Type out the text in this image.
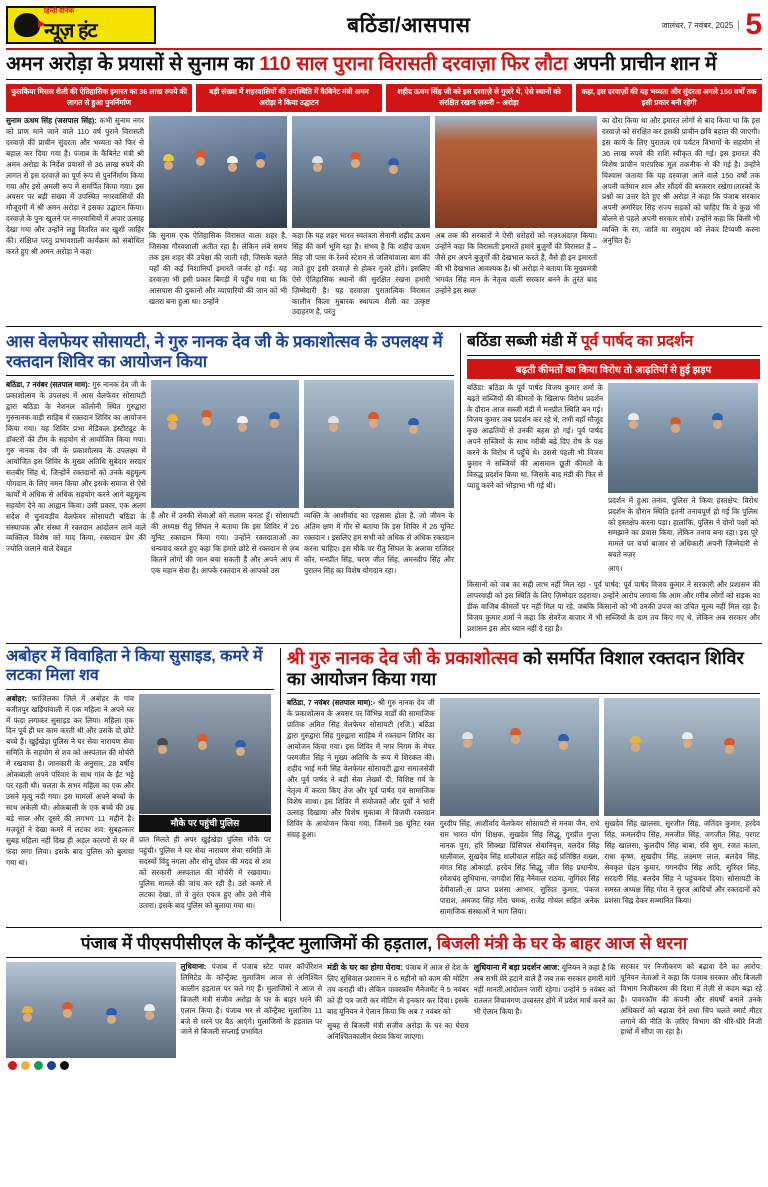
हिन्दी दैनिक
न्यूज़ हंट	बठिंडा/आसपास	जालंधर, 7 नवंबर, 2025 5
अमन अरोड़ा के प्रयासों से सुनाम का 110 साल पुराना विरासती दरवाज़ा फिर लौटा अपनी प्राचीन शान में
फूलकिया मिसल शैली की ऐतिहासिक इमारत का 36 लाख रुपये की लागत से हुआ पुनर्निर्माण
बड़ी संख्या में शहरवासियों की उपस्थिति में कैबिनेट मंत्री अमन अरोड़ा ने किया उद्घाटन
शहीद ऊधम सिंह जी को इस दरवाज़े से गुजरे थे, ऐसे स्थानों को संरक्षित रखना ज़रूरी – अरोड़ा
कहा, इस दरवाज़ों की यह भव्यता और सुंदरता अगले 150 वर्षों तक इसी प्रकार बनी रहेगी

सुनाम ऊधम सिंह (जसपाल सिंह): कभी सुनाम नगर को प्राण माने जाने वाले 110 वर्ष पुराने विरासती दरवाज़े की प्राचीन सुंदरता और भव्यता को फिर से बहाल कर दिया गया है। पंजाब के कैबिनेट मंत्री श्री अमन अरोड़ा के निर्देश प्रयासों से 36 लाख रुपये की लागत से इस दरवाज़े का पूर्ण रूप से पुनर्निर्माण किया गया और इसे अमली रूप में समर्पित किया गया। इस अवसर पर बड़ी संख्या में उपस्थित नगरवासियों की मौजूदगी में श्री अमन अरोड़ा ने इसका उद्घाटन किया। दरवाज़े के पुनः खुलने पर नगरवासियों में अपार उत्साह देखा गया और उन्होंने लड्डू वितरित कर खुशी जाहिर की। संक्षिप्त परंतु प्रभावशाली कार्यक्रम को संबोधित करते हुए श्री अमन अरोड़ा ने कहा

कि सुनाम एक ऐतिहासिक विरासत वाला शहर है, जिसका गौरवशाली अतीत रहा है। लेकिन लंबे समय तक इस शहर की उपेक्षा की जाती रही, जिसके चलते यहाँ की कई निशानियाँ इमारतें जर्जर हो गईं। यह दरवाज़ा भी इसी प्रकार बिगड़ी में पहुँच गया था कि आसपास की दुकानों और व्यापारियों की जान को भी खतरा बना हुआ था। उन्होंने

कहा कि यह शहर भारत स्वतंत्रता सेनानी शहीद ऊधम सिंह की कर्म भूमि रहा है। संभव है कि शहीद ऊधम सिंह जी पास के रेलवे स्टेशन से जलियांवाला बाग़ की जाते हुए इसी दरवाज़े से होकर गुजरे होंगे। इसलिए ऐसे ऐतिहासिक स्थानों की सुरक्षित रखना हमारी ज़िम्मेदारी है। यह दरवाज़ा पुरातात्विक विरासत कालीन किला मुबारक स्थापत्य शैली का उत्कृष्ट उदाहरण है, परंतु

अब तक की सरकारों ने ऐसी धरोहरों को नज़रअंदाज़ किया। उन्होंने कहा कि विरासती इमारतें हमारे बुज़ुर्गों की विरासत हैं – जैसे हम अपने बुज़ुर्गों की देखभाल करते हैं, वैसे ही इन इमारतों की भी देखभाल आवश्यक है। श्री अरोड़ा ने बताया कि मुख्यमंत्री भगवंत सिंह मान के नेतृत्व वाली सरकार बनने के तुरंत बाद उन्होंने इस स्थल

का दौरा किया था और इमारत लोगों से बाद किया था कि इस दरवाज़े को संरक्षित कर इसकी प्राचीन छवि बहाल की जाएगी। इस कार्य के लिए पुरातत्व एवं पर्यटन विभागों के सहयोग से 36 लाख रुपये की राशि स्वीकृत की गई। इस इमारत की विशेष प्राचीन पारंपरिक मूल तकनीक से की गई है। उन्होंने विश्वास जताया कि यह दरवाज़ा आने वाले 150 वर्षों तक अपनी वर्तमान शान और सौंदर्य की बरकरार रखेगा।तारकों के प्रश्नों का उत्तर देते हुए श्री अरोड़ा ने कहा कि पंजाब सरकार अपनी अमरिंदर सिंह राज्य सड़कों को चाहिए कि वे कुछ भी बोलने से पहले अपनी सरकार सोचें। उन्होंने कहा कि किसी भी व्यक्ति के रंग, जाति या समुदाय को लेकर टिप्पणी करना अनुचित है।

आस वेलफेयर सोसायटी, ने गुरु नानक देव जी के प्रकाशोत्सव के उपलक्ष्य में रक्तदान शिविर का आयोजन किया

बठिंडा, 7 नवंबर (सतपाल माम): गुरु नानक देव जी के प्रकाशोत्सव के उपलक्ष्य में आस वेलफेयर सोसायटी द्वारा बठिंडा के नेशनल कॉलोनी स्थित गुरुद्वारा गुरुनानक वाड़ी साहिब में रक्तदान शिविर का आयोजन किया गया। यह शिविर प्रभा मेडिकल इंस्टीट्यूट के डॉक्टरों की टीम के सहयोग से आयोजित किया गया। गुरु नानक देव जी के प्रकाशोत्सव के उपलक्ष्य में आयोजित इस शिविर के मुख्य अतिथि सुबेदार सरदार सतबीर सिंह थे, जिन्होंने रक्तदानों को उनके बहुमूल्य योगदान के लिए नमन किया और इसके समाज से ऐसे कार्यों में अधिक से अधिक सहयोग करने आगे बहुमूल्य सहयोग देने का आह्वान किया। उसी प्रकार, एक अलग सदेश में चुनावड़ीय वेलफेयर सोसायटी बठिंडा के संस्थापक और संस्था में रक्तदान आंदोलन लाने वाले व्यक्तित्व विशेष को याद किया, रक्तदान प्रेम की ज्योति जलाने वाले देवहृत

हैं और में उनकी सेवाओं को सलाम करता हूँ। सोसायटी की अध्यक्ष रीतु सिंघल ने बताया कि इस शिविर में 26 यूनिट रक्तदान किया गया। उन्होंने रक्तदाताओं का धन्यवाद करते हुए कहा कि हमारे छोटे से रक्तदान से ज़ब कितने लोगों की जान बचा सकती हैं और अपने आप में एक महान सेवा है। आपके रक्तदान से आपको उस

व्यक्ति के आशीर्वाद का एहसास होता है, जो जीवन के अंतिम क्षण में गौर से बताया कि इस शिविर में 26 यूनिट रक्तदान । इसलिए हम सभी को अधिक से अधिक रक्तदान करना चाहिए। इस मौके पर रीतु सिंघल के अलावा राजिंदर कौर, मनप्रीत सिंह, चरण जीत सिंह, अमनदीप सिंह और पुरातन सिंह का विशेष योगदान रहा।

बठिंडा सब्जी मंडी में पूर्व पार्षद का प्रदर्शन
बढ़ती कीमतों का किया विरोध तो आढ़तियों से हुई झड़प

बठिंडा: बठिंडा के पूर्व पार्षद विजय कुमार शर्मा के बढ़ते सब्जियों की कीमतों के खिलाफ विरोध प्रदर्शन के दौरान आज सब्जी मंडी में मनप्रीत स्थिति बन गई। विजय कुमार जब प्रदर्शन कर रहे थे, तभी वहाँ मौजूद कुछ आढ़तियों से उनकी बहस हो गई। पूर्व पार्षद अपने सब्जियों के साथ गरीबी बढ़े दिए रोष के पक्ष करने के विरोध में पहुँचे थे। उससे पहली भी विजय कुमार ने सब्जियों की आसमान छूती कीमतों के विरुद्ध प्रदर्शन किया था, जिसके बाद मंडी की फिर से प्यादु करने को भोड़ाभा भी गई थी।

प्रदर्शन में हुआ तनाव, पुलिस ने किया हस्तक्षेप: विरोध प्रदर्शन के दौरान स्थिति इतनी तनावपूर्ण हो गई कि पुलिस को हस्तक्षेप करना पड़ा। हालांकि, पुलिस ने दोनों पक्षों को समझाने का प्रयास किया, लेकिन तनाव बना रहा। इस पूरे मामले पर चर्चा बाजार से अधिकारी अपनी ज़िम्मेदारी से बचते नज़र

आए।

किसानों को जब का सही लाभ नहीं मिल रहा - पूर्व पार्षद: पूर्व पार्षद विजय कुमार ने सरकारी और प्रशासन की लापरवाही को इस स्थिति के लिए ज़िम्मेदार ठहराया। उन्होंने आरोप लगाया कि आम और गरीब लोगों को सड़क का डींक वाजिब कीमतों पर नहीं मिल पा रहे, जबकि किसानों को भी उनकी उपज का उचित मूल्य नहीं मिल रहा है। विजय कुमार शर्मा ने कहा कि सेवरेंज बाजार में भी सब्जियों के दाम तय किए गए थे, लेकिन अब सरकार और प्रशासन इस ओर ध्यान नहीं दे रहा है।

अबोहर में विवाहिता ने किया सुसाइड, कमरे में लटका मिला शव

अबोहर: फ़ाज़िलका ज़िले में अबोहर के गांव बजीतपुर खड़ियांवाली में एक महिला ने अपने घर में फंदा लगाकर सुसाइड कर लिया। महिला एक दिन पूर्व ही घर काम करती थी और उसके दो छोटे बच्चे हैं। खुईखेड़ा पुलिस ने घर सेवा नारायण सेवा समिति के सहयोग से शव को अस्पताल की मोर्चरी में रखवाया है। जानकारी के अनुसार, 28 वर्षीय ओकबाली अपने परिवार के साथ गांव के ईंट भट्टे पर रहती थी। चलता के सभर महिला का एक और उसने मृत्यु नदी गया। इस मामलों अपने बच्चों के साथ अकेली थी। ओकबाली के एक बच्चे की उम्र बड़े साल और दूसरे की लगभग 11 महीने है। मज़दूरों ने देखा कमरे में लटका शव: सुबहत्कार सुबह महिला नहीं दिख ही अड़ल कारणों से घर में फंदा लगा लिया। इसके बाद पुलिस को बुलाया गया था।

मौके पर पहुंची पुलिस

प्रात मिलते ही अपर खुईखेड़ा पुलिस मौके पर पहुंची। पुलिस ने घर सेवा नारायण सेवा समिति के सदस्यों विंदु नगला और सोनू ग्रोवर की मदद से शव को सरकारी अस्पताल की मोर्चरी में रखवाया। पुलिस मामले की जांच कर रही है। उसे कमरे में लटका देखा, तो वे तुरंत एकत्र हुए और उसे नीचे उतारा। इसके बाद पुलिस को बुलाया गया था।

श्री गुरु नानक देव जी के प्रकाशोत्सव को समर्पित विशाल रक्तदान शिविर का आयोजन किया गया

बठिंडा, 7 नवंबर (सतपाल माम):- श्री गुरु नानक देव जी के प्रकाशोत्सव के अवसर पर विभिन्न वार्डों की सामाजिक प्रांतिक अमित सिंह वेलफेयर सोसायटी (रजि.) बठिंडा द्वारा गुरुद्वारा सिंह गुरुद्वारा साहिब में रक्तदान शिविर का आयोजन किया गया। इस शिविर में नगर निगम के मेयर परमजीत सिंह ने मुख्य अतिथि के रूप में शिरकत की। शहीद भाई मनी सिंह वेलफेयर सोसायटी द्वारा समाजसेवी और पूर्व पार्षद ने बड़ी सेवा लेख्यों दी, विशिष्ट गर्व के नेतृत्व में करता किए तेज और पूर्व पार्षद एवं सामाजिक विशेष साथा। इस शिविर में संयोजकों और पूर्वों ने भारी उत्साह दिखाया और विशेष मुकाबा में विजयी रक्तदान शिविर के आयोजन किया गया, जिसमें 98 यूनिट रक्त संग्रह हुआ।

गुरदीप सिंह, आशीर्वाद वेलफेयर सोसायटी से मनवा जैन, राधे राम भारत योग शिक्षक, सुखदेव सिंह सिद्धू, गुरप्रीत गुप्ता नानक पुरा, हरि सिक्खा प्रिंसिपल सेवानिवृत्त, वलदेव सिंह धालीवाल, सुखदेव सिंह धालीवाल सहित कई प्रतिष्ठित शख्स, मंगत सिंह ओकार्ड़ा, हरदेव सिंह सिद्धू, जीत सिंह प्रधानीय, रमेशचंद लुधियाना, जगदीश सिंह नैनेवाल राठवा, जुगिंदर सिंह देवीवालों्स प्राप्त प्रशंसा आभार, सुरिंदर कुमार, पंकज पाराश, अमजद सिंह गोरा चमक, राजेंद्र गोयल सहित अनेक सामाजिक संस्थाओं ने भाग लिया।

सुखदेव सिंह खालसा, सुरजीत सिंह, जतिंदर कुमार, हरदेव सिंह, कमलदीप सिंह, मनजीत सिंह, जगजीत सिंह, परगट सिंह खालसा, कुलदीप सिंह बाबा, रवि सुम, रजत काला, राधा कृष्ण, सुखदीप सिंह, लक्ष्मण लाल, बलदेव सिंह, सेवकृत ग्रेहन कुमार, गगनदीप सिंह आदि, सुरिंदर सिंह, सरदारी सिंह, बलदेव सिंह ने पहुंचकर दिया। सोसायटी के समस्त अध्यक्ष सिंह गोरा ने सुरज आदिचों और रक्तदानों को प्रशंसा चिह्न देकर सम्मानित किया।

पंजाब में पीएसपीसीएल के कॉन्ट्रैक्ट मुलाजिमों की हड़ताल, बिजली मंत्री के घर के बाहर आज से धरना

लुधियाना: पंजाब में पंजाब स्टेट पावर कॉर्पोरेशन लिमिटेड के कॉन्ट्रैक्ट मुलाजिम आज से अनिश्चित कालीन हड़ताल पर चले गए हैं। मुलाजिमों ने आज से बिजली मंत्री संजीव अरोड़ा के घर के बाहर धरने की एलान किया है। पंजाब भर से कॉन्ट्रैक्ट मुलाजिम 11 बजे से धरने पर बैठ आएंगे। मुलाजिमों के हड़ताल पर जाने से बिजली सप्लाई प्रभावित

मंडी के घर का होगा घेराव: पंजाब में आज से देश के लिए सुधिवाल प्रशासन ने 6 महीनों को काम की मोटिंग तय कराही थी। लेकिन पावरकॉम मैनेजमेंट ने 5 नवंबर को ही पत्र जारी कर मीटिंग से इनकार कर दिया। इसके बाद यूनियन ने ऐलान किया कि अब 7 नवंबर को

सुबह से बिजली मंत्री संजीव अरोड़ा के घर का घेराव अनिश्चितकालीन घेराव किया जाएगा।

लुधियाना में बड़ा प्रदर्शन आज: यूनियन ने कहा है कि अब सभी घेरे हटाने वाले हैं जब तक सरकार हमारी मांगें नहीं मानती,आंदोलन जारी रहेगा। उन्होंने 9 नवंबर को रातलत विचावगण उच्चस्तर होंगे में प्रदेश मार्च करने का भी ऐलान किया है।

सरकार पर निजीकरण को बढ़ावा देने का आरोप: यूनियन नेताओं ने कहा कि पंजाब सरकार और बिजली विभाग निजीकरण की दिशा में तेज़ी से कदम बढ़ा रहे हैं। पावरकॉम की कंपनी और संघर्षों बनाने उनके अधिकारों को बढ़ावा देने तथा चिप चलते स्मार्ट मीटर लगाने की नीति के ज़रिए विभाग की धीरे-धीरे निजी हाथों में सौंपा जा रहा है।
